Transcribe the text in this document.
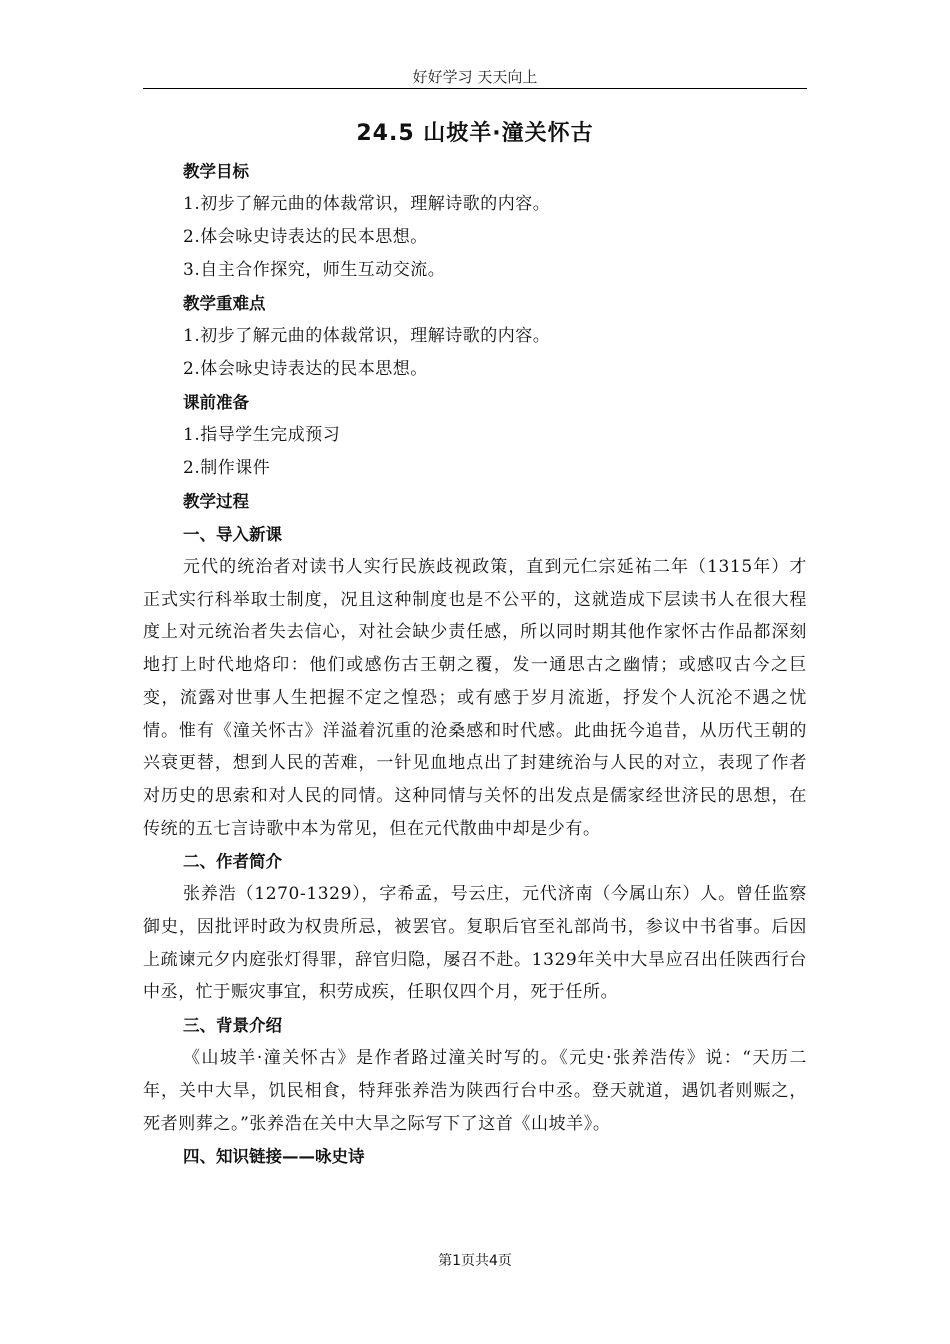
好好学习 天天向上
24.5 山坡羊·潼关怀古
教学目标
1.初步了解元曲的体裁常识，理解诗歌的内容。
2.体会咏史诗表达的民本思想。
3.自主合作探究，师生互动交流。
教学重难点
1.初步了解元曲的体裁常识，理解诗歌的内容。
2.体会咏史诗表达的民本思想。
课前准备
1.指导学生完成预习
2.制作课件
教学过程
一、导入新课

元代的统治者对读书人实行民族歧视政策，直到元仁宗延祐二年（1315年）才正式实行科举取士制度，况且这种制度也是不公平的，这就造成下层读书人在很大程度上对元统治者失去信心，对社会缺少责任感，所以同时期其他作家怀古作品都深刻地打上时代地烙印：他们或感伤古王朝之覆，发一通思古之幽情；或感叹古今之巨变，流露对世事人生把握不定之惶恐；或有感于岁月流逝，抒发个人沉沦不遇之忧情。惟有《潼关怀古》洋溢着沉重的沧桑感和时代感。此曲抚今追昔，从历代王朝的兴衰更替，想到人民的苦难，一针见血地点出了封建统治与人民的对立，表现了作者对历史的思索和对人民的同情。这种同情与关怀的出发点是儒家经世济民的思想，在传统的五七言诗歌中本为常见，但在元代散曲中却是少有。

二、作者简介

张养浩（1270-1329），字希孟，号云庄，元代济南（今属山东）人。曾任监察御史，因批评时政为权贵所忌，被罢官。复职后官至礼部尚书，参议中书省事。后因上疏谏元夕内庭张灯得罪，辞官归隐，屡召不赴。1329年关中大旱应召出任陕西行台中丞，忙于赈灾事宜，积劳成疾，任职仅四个月，死于任所。

三、背景介绍

《山坡羊·潼关怀古》是作者路过潼关时写的。《元史·张养浩传》说：“天历二年，关中大旱，饥民相食，特拜张养浩为陕西行台中丞。登天就道，遇饥者则赈之，死者则葬之。”张养浩在关中大旱之际写下了这首《山坡羊》。

四、知识链接——咏史诗
第1页共4页
